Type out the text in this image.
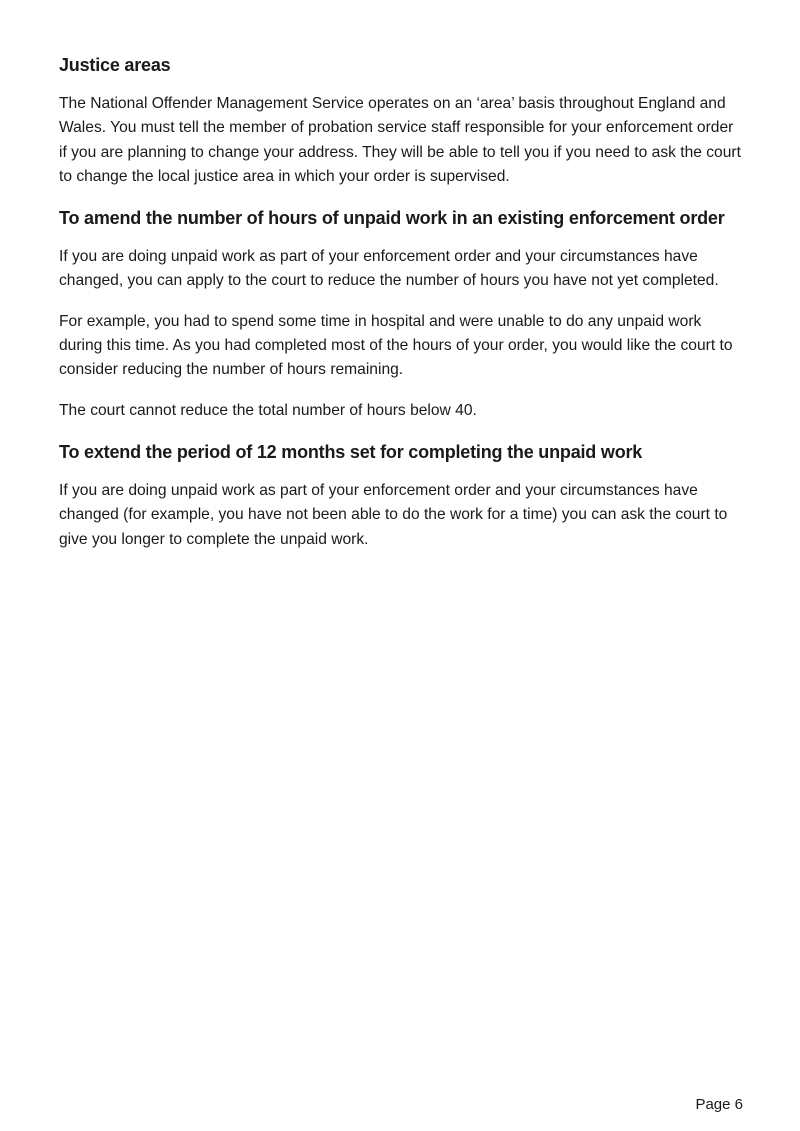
Justice areas

The National Offender Management Service operates on an ‘area’ basis throughout England and Wales. You must tell the member of probation service staff responsible for your enforcement order if you are planning to change your address. They will be able to tell you if you need to ask the court to change the local justice area in which your order is supervised.

To amend the number of hours of unpaid work in an existing enforcement order

If you are doing unpaid work as part of your enforcement order and your circumstances have changed, you can apply to the court to reduce the number of hours you have not yet completed.

For example, you had to spend some time in hospital and were unable to do any unpaid work during this time. As you had completed most of the hours of your order, you would like the court to consider reducing the number of hours remaining.

The court cannot reduce the total number of hours below 40.

To extend the period of 12 months set for completing the unpaid work

If you are doing unpaid work as part of your enforcement order and your circumstances have changed (for example, you have not been able to do the work for a time) you can ask the court to give you longer to complete the unpaid work.

Page 6
